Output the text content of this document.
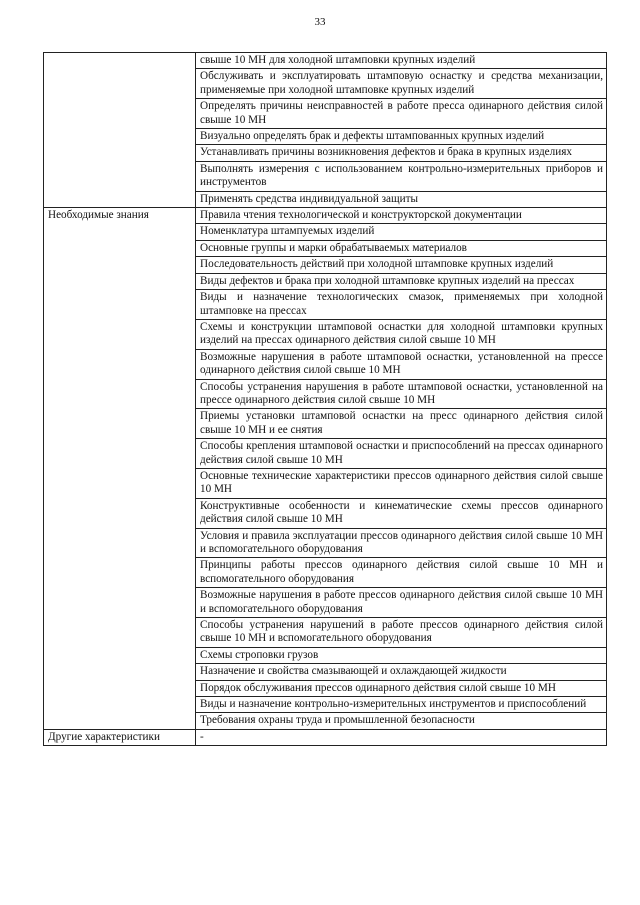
33
	свыше 10 МН для холодной штамповки крупных изделий
	Обслуживать и эксплуатировать штамповую оснастку и средства механизации, применяемые при холодной штамповке крупных изделий
	Определять причины неисправностей в работе пресса одинарного действия силой свыше 10 МН
	Визуально определять брак и дефекты штампованных крупных изделий
	Устанавливать причины возникновения дефектов и брака в крупных изделиях
	Выполнять измерения с использованием контрольно-измерительных приборов и инструментов
	Применять средства индивидуальной защиты
Необходимые знания	Правила чтения технологической и конструкторской документации
	Номенклатура штампуемых изделий
	Основные группы и марки обрабатываемых материалов
	Последовательность действий при холодной штамповке крупных изделий
	Виды дефектов и брака при холодной штамповке крупных изделий на прессах
	Виды и назначение технологических смазок, применяемых при холодной штамповке на прессах
	Схемы и конструкции штамповой оснастки для холодной штамповки крупных изделий на прессах одинарного действия силой свыше 10 МН
	Возможные нарушения в работе штамповой оснастки, установленной на прессе одинарного действия силой свыше 10 МН
	Способы устранения нарушения в работе штамповой оснастки, установленной на прессе одинарного действия силой свыше 10 МН
	Приемы установки штамповой оснастки на пресс одинарного действия силой свыше 10 МН и ее снятия
	Способы крепления штамповой оснастки и приспособлений на прессах одинарного действия силой свыше 10 МН
	Основные технические характеристики прессов одинарного действия силой свыше 10 МН
	Конструктивные особенности и кинематические схемы прессов одинарного действия силой свыше 10 МН
	Условия и правила эксплуатации прессов одинарного действия силой свыше 10 МН и вспомогательного оборудования
	Принципы работы прессов одинарного действия силой свыше 10 МН и вспомогательного оборудования
	Возможные нарушения в работе прессов одинарного действия силой свыше 10 МН и вспомогательного оборудования
	Способы устранения нарушений в работе прессов одинарного действия силой свыше 10 МН и вспомогательного оборудования
	Схемы строповки грузов
	Назначение и свойства смазывающей и охлаждающей жидкости
	Порядок обслуживания прессов одинарного действия силой свыше 10 МН
	Виды и назначение контрольно-измерительных инструментов и приспособлений
	Требования охраны труда и промышленной безопасности
Другие характеристики	-
